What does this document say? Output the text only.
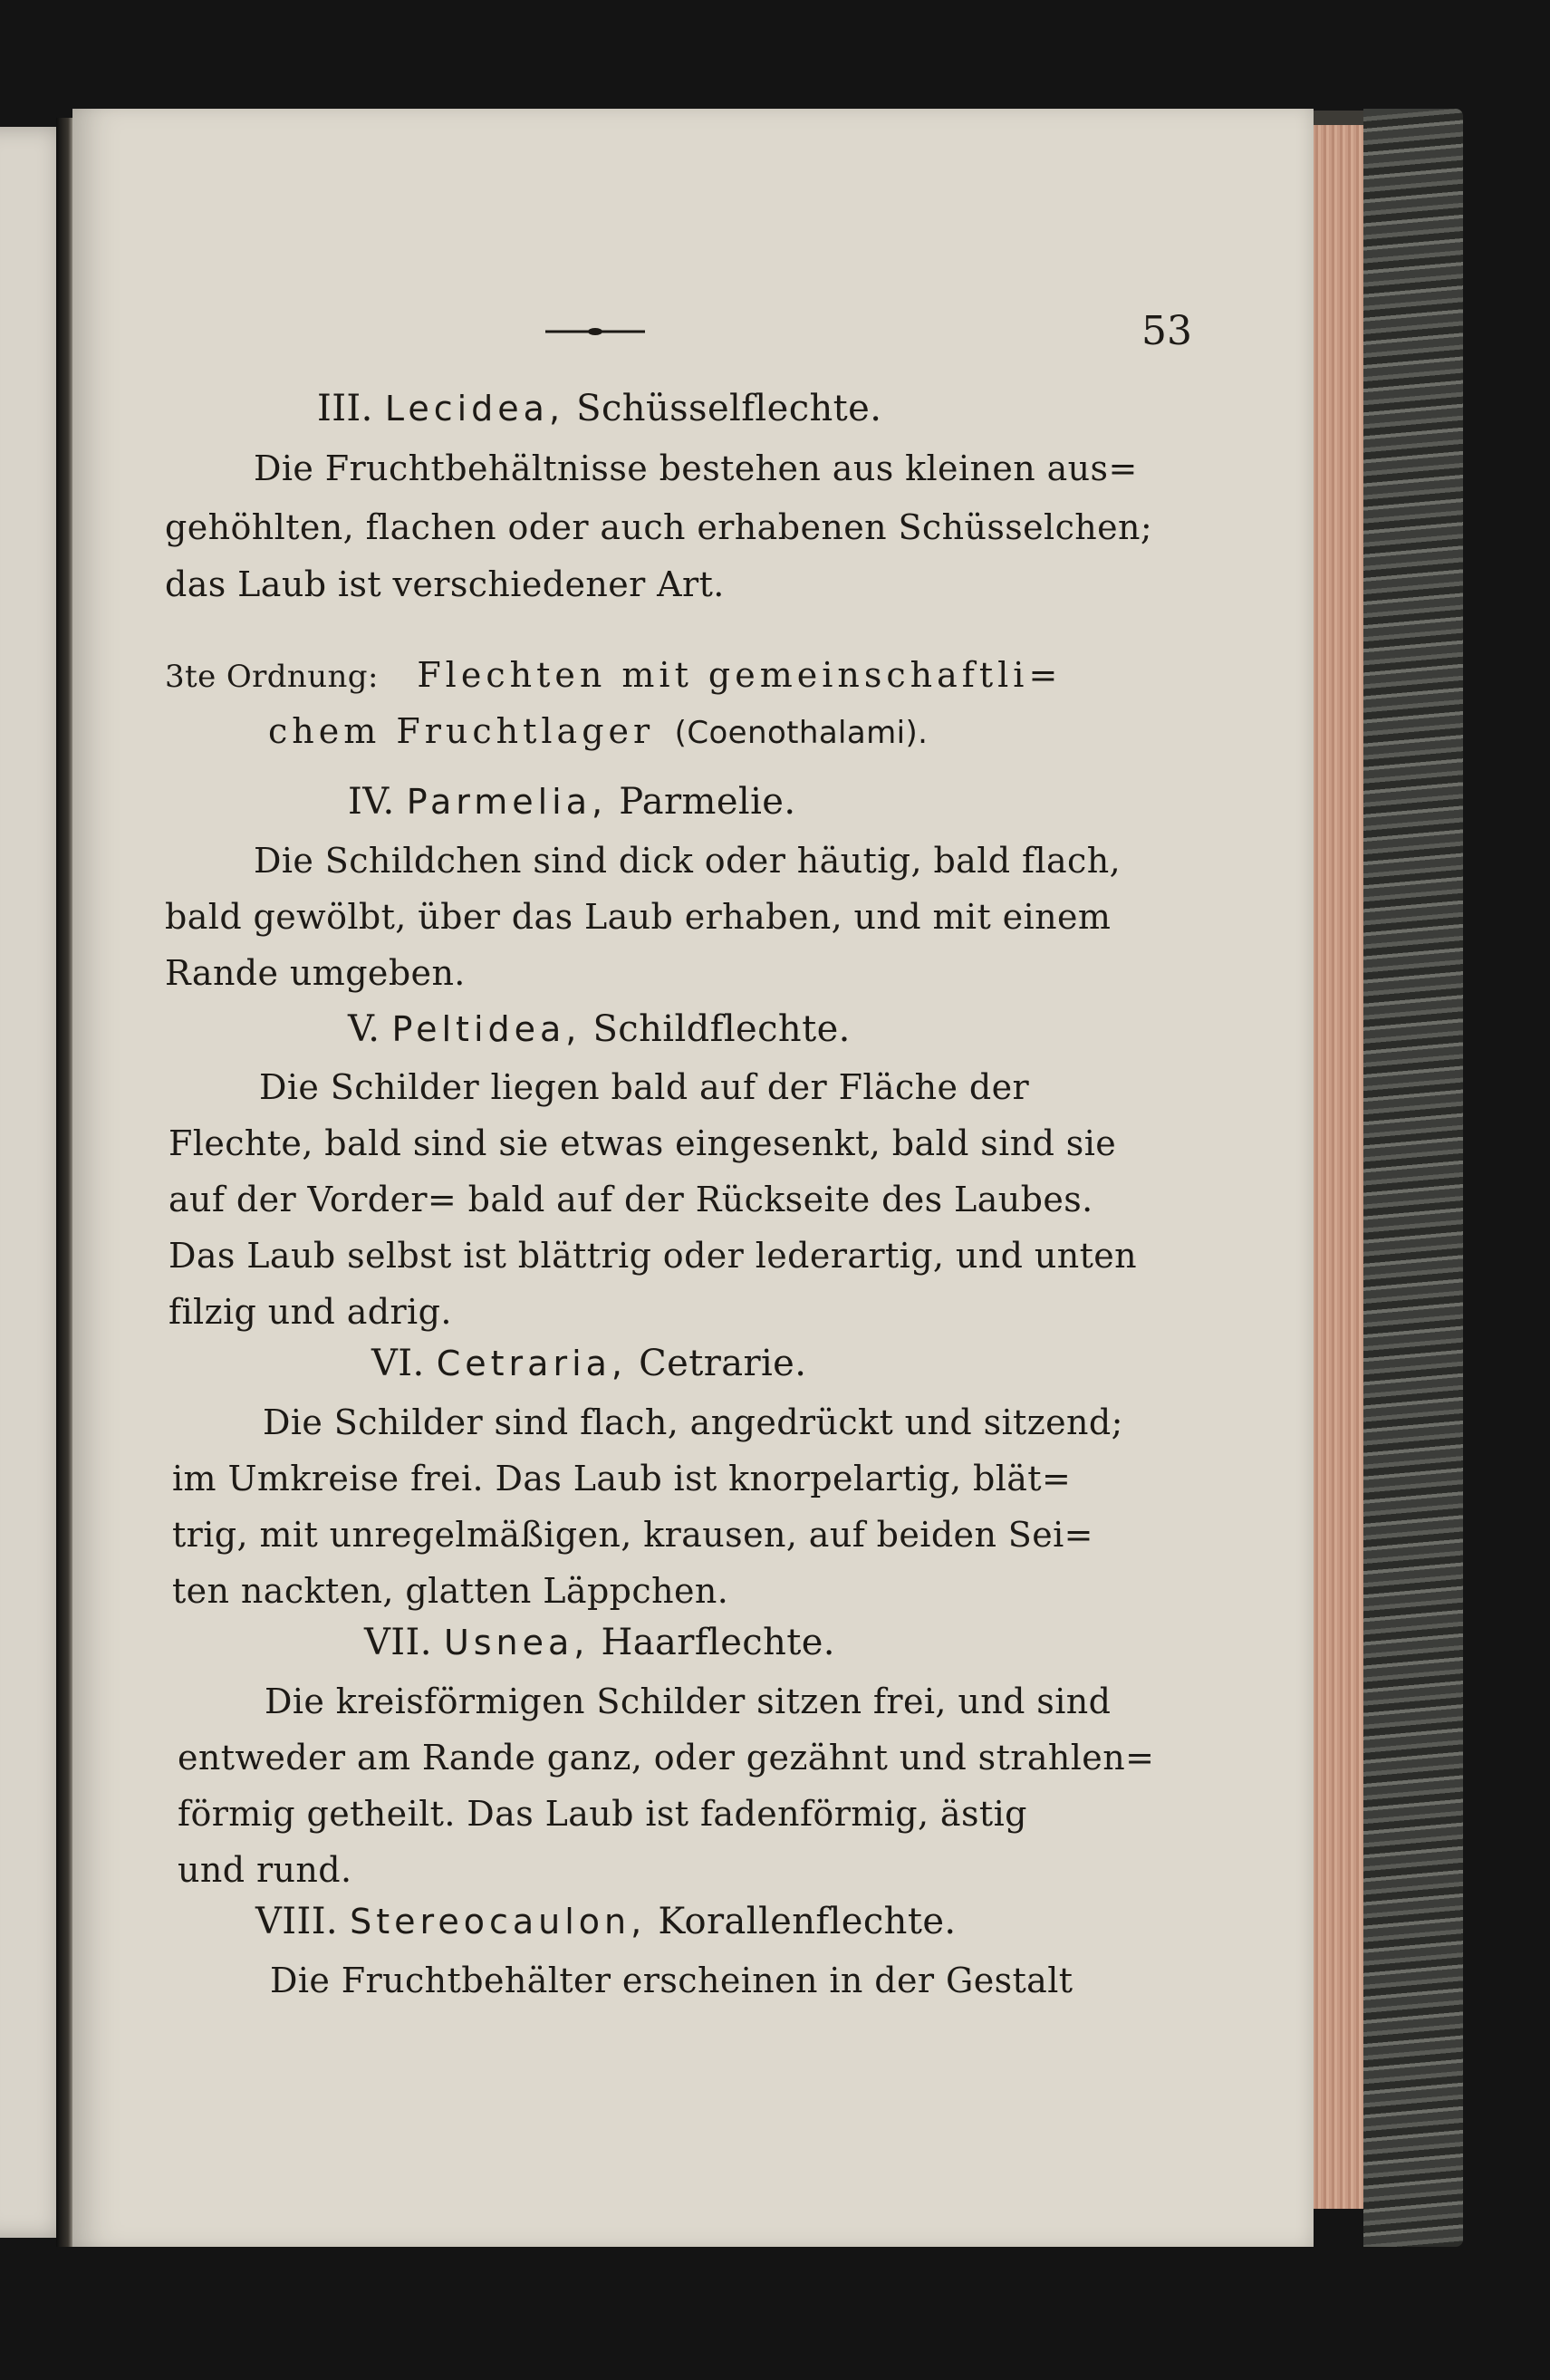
53
III. Lecidea, Schüsselflechte.
Die Fruchtbehältnisse bestehen aus kleinen aus=
gehöhlten, flachen oder auch erhabenen Schüsselchen;
das Laub ist verschiedener Art.
3te Ordnung: Flechten mit gemeinschaftli=
chem Fruchtlager (Coenothalami).
IV. Parmelia, Parmelie.
Die Schildchen sind dick oder häutig, bald flach,
bald gewölbt, über das Laub erhaben, und mit einem
Rande umgeben.
V. Peltidea, Schildflechte.
Die Schilder liegen bald auf der Fläche der
Flechte, bald sind sie etwas eingesenkt, bald sind sie
auf der Vorder= bald auf der Rückseite des Laubes.
Das Laub selbst ist blättrig oder lederartig, und unten
filzig und adrig.
VI. Cetraria, Cetrarie.
Die Schilder sind flach, angedrückt und sitzend;
im Umkreise frei. Das Laub ist knorpelartig, blät=
trig, mit unregelmäßigen, krausen, auf beiden Sei=
ten nackten, glatten Läppchen.
VII. Usnea, Haarflechte.
Die kreisförmigen Schilder sitzen frei, und sind
entweder am Rande ganz, oder gezähnt und strahlen=
förmig getheilt. Das Laub ist fadenförmig, ästig
und rund.
VIII. Stereocaulon, Korallenflechte.
Die Fruchtbehälter erscheinen in der Gestalt
